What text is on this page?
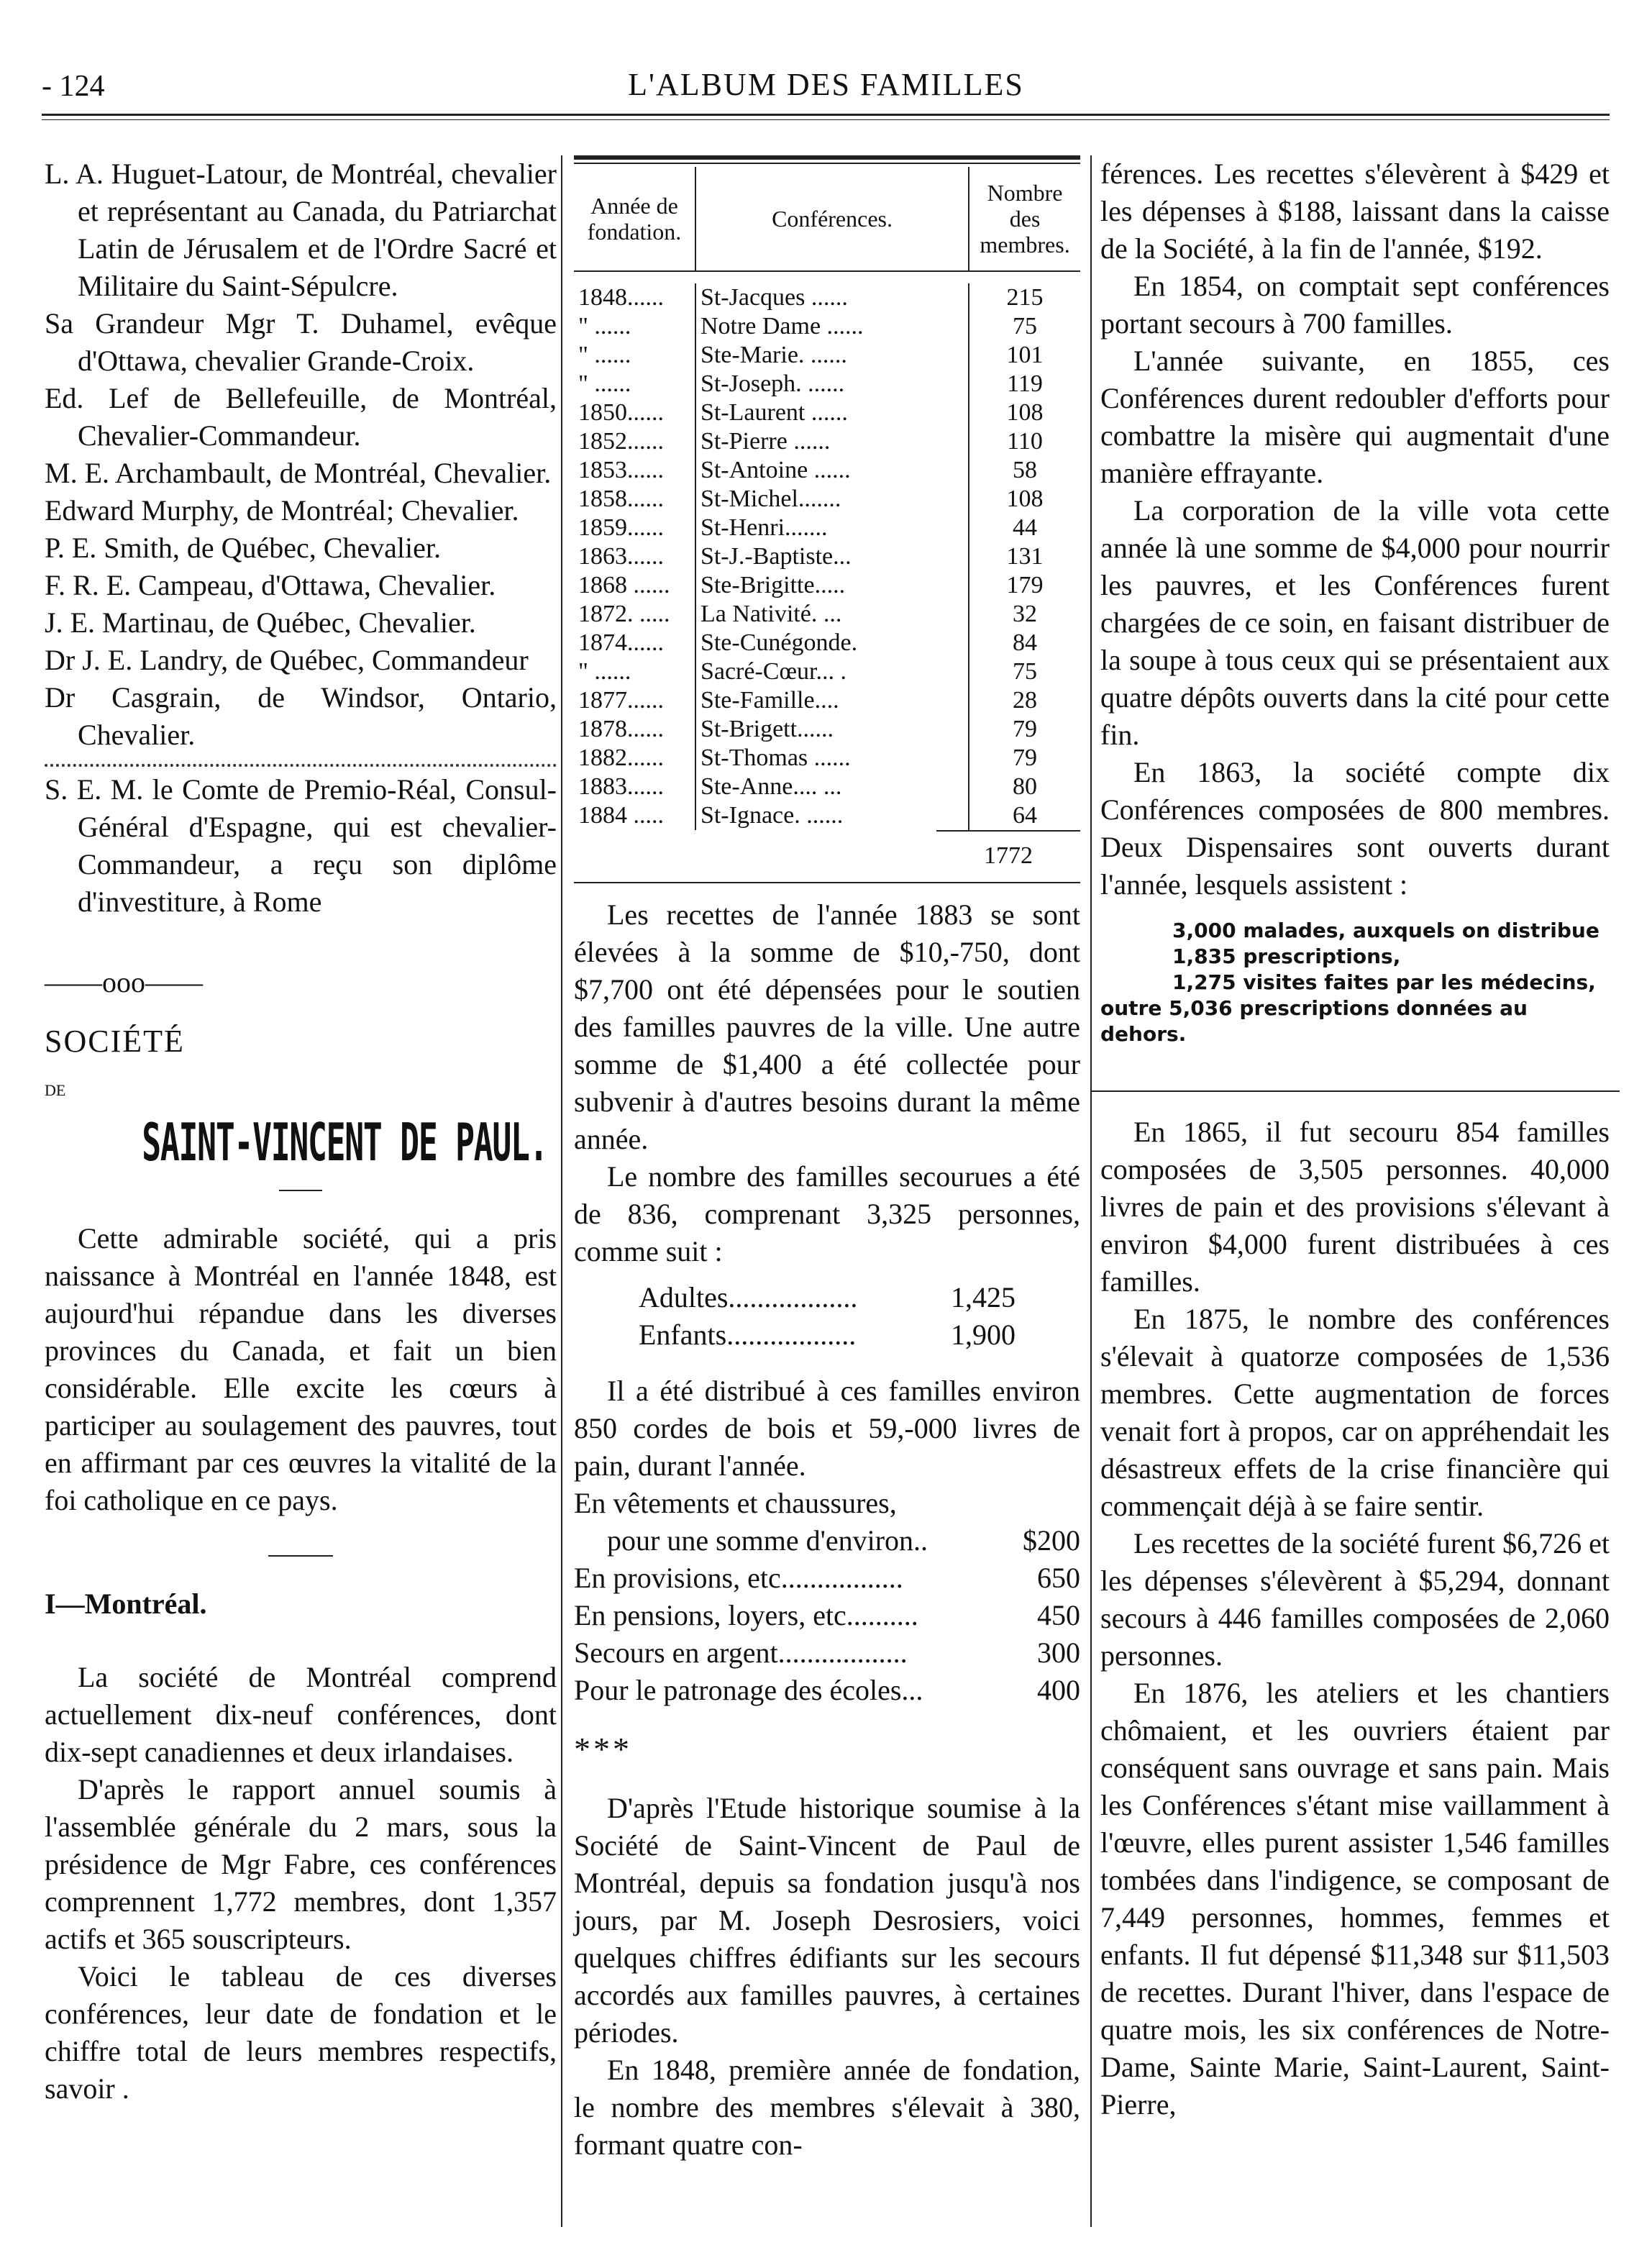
- 124	L'ALBUM DES FAMILLES

L. A. Huguet-Latour, de Montréal, chevalier et représentant au Canada, du Patriarchat Latin de Jérusalem et de l'Ordre Sacré et Militaire du Saint-Sépulcre.

Sa Grandeur Mgr T. Duhamel, evêque d'Ottawa, chevalier Grande-Croix.

Ed. Lef de Bellefeuille, de Montréal, Chevalier-Commandeur.

M. E. Archambault, de Montréal, Chevalier.

Edward Murphy, de Montréal; Chevalier.

P. E. Smith, de Québec, Chevalier.

F. R. E. Campeau, d'Ottawa, Chevalier.

J. E. Martinau, de Québec, Chevalier.

Dr J. E. Landry, de Québec, Commandeur

Dr Casgrain, de Windsor, Ontario, Chevalier.

S. E. M. le Comte de Premio-Réal, Consul-Général d'Espagne, qui est chevalier-Commandeur, a reçu son diplôme d'investiture, à Rome

——ooo——

SOCIÉTÉ

DE

SAINT-VINCENT DE PAUL.

Cette admirable société, qui a pris naissance à Montréal en l'année 1848, est aujourd'hui répandue dans les diverses provinces du Canada, et fait un bien considérable. Elle excite les cœurs à participer au soulagement des pauvres, tout en affirmant par ces œuvres la vitalité de la foi catholique en ce pays.

I—Montréal.

La société de Montréal comprend actuellement dix-neuf conférences, dont dix-sept canadiennes et deux irlandaises.

D'après le rapport annuel soumis à l'assemblée générale du 2 mars, sous la présidence de Mgr Fabre, ces conférences comprennent 1,772 membres, dont 1,357 actifs et 365 souscripteurs.

Voici le tableau de ces diverses conférences, leur date de fondation et le chiffre total de leurs membres respectifs, savoir .

Année de fondation.	Conférences.	Nombre des membres.

1848......	St-Jacques ......	215
" ......	Notre Dame ......	75
" ......	Ste-Marie. ......	101
" ......	St-Joseph. ......	119
1850......	St-Laurent ......	108
1852......	St-Pierre ......	110
1853......	St-Antoine ......	58
1858......	St-Michel.......	108
1859......	St-Henri.......	44
1863......	St-J.-Baptiste...	131
1868 ......	Ste-Brigitte.....	179
1872. .....	La Nativité. ...	32
1874......	Ste-Cunégonde.	84
" ......	Sacré-Cœur... .	75
1877......	Ste-Famille....	28
1878......	St-Brigett......	79
1882......	St-Thomas ......	79
1883......	Ste-Anne.... ...	80
1884 .....	St-Ignace. ......	64
1772

Les recettes de l'année 1883 se sont élevées à la somme de $10,-750, dont $7,700 ont été dépensées pour le soutien des familles pauvres de la ville. Une autre somme de $1,400 a été collectée pour subvenir à d'autres besoins durant la même année.

Le nombre des familles secourues a été de 836, comprenant 3,325 personnes, comme suit :

Adultes..................	1,425
Enfants..................	1,900

Il a été distribué à ces familles environ 850 cordes de bois et 59,-000 livres de pain, durant l'année.

En vêtements et chaussures,

pour une somme d'environ..	$200
En provisions, etc.................	650
En pensions, loyers, etc..........	450
Secours en argent..................	300
Pour le patronage des écoles...	400

***

D'après l'Etude historique soumise à la Société de Saint-Vincent de Paul de Montréal, depuis sa fondation jusqu'à nos jours, par M. Joseph Desrosiers, voici quelques chiffres édifiants sur les secours accordés aux familles pauvres, à certaines périodes.

En 1848, première année de fondation, le nombre des membres s'élevait à 380, formant quatre con-

férences. Les recettes s'élevèrent à $429 et les dépenses à $188, laissant dans la caisse de la Société, à la fin de l'année, $192.

En 1854, on comptait sept conférences portant secours à 700 familles.

L'année suivante, en 1855, ces Conférences durent redoubler d'efforts pour combattre la misère qui augmentait d'une manière effrayante.

La corporation de la ville vota cette année là une somme de $4,000 pour nourrir les pauvres, et les Conférences furent chargées de ce soin, en faisant distribuer de la soupe à tous ceux qui se présentaient aux quatre dépôts ouverts dans la cité pour cette fin.

En 1863, la société compte dix Conférences composées de 800 membres. Deux Dispensaires sont ouverts durant l'année, lesquels assistent :

3,000 malades, auxquels on distribue
1,835 prescriptions,
1,275 visites faites par les médecins,
outre 5,036 prescriptions données au dehors.

En 1865, il fut secouru 854 familles composées de 3,505 personnes. 40,000 livres de pain et des provisions s'élevant à environ $4,000 furent distribuées à ces familles.

En 1875, le nombre des conférences s'élevait à quatorze composées de 1,536 membres. Cette augmentation de forces venait fort à propos, car on appréhendait les désastreux effets de la crise financière qui commençait déjà à se faire sentir.

Les recettes de la société furent $6,726 et les dépenses s'élevèrent à $5,294, donnant secours à 446 familles composées de 2,060 personnes.

En 1876, les ateliers et les chantiers chômaient, et les ouvriers étaient par conséquent sans ouvrage et sans pain. Mais les Conférences s'étant mise vaillamment à l'œuvre, elles purent assister 1,546 familles tombées dans l'indigence, se composant de 7,449 personnes, hommes, femmes et enfants. Il fut dépensé $11,348 sur $11,503 de recettes. Durant l'hiver, dans l'espace de quatre mois, les six conférences de Notre-Dame, Sainte Marie, Saint-Laurent, Saint-Pierre,
